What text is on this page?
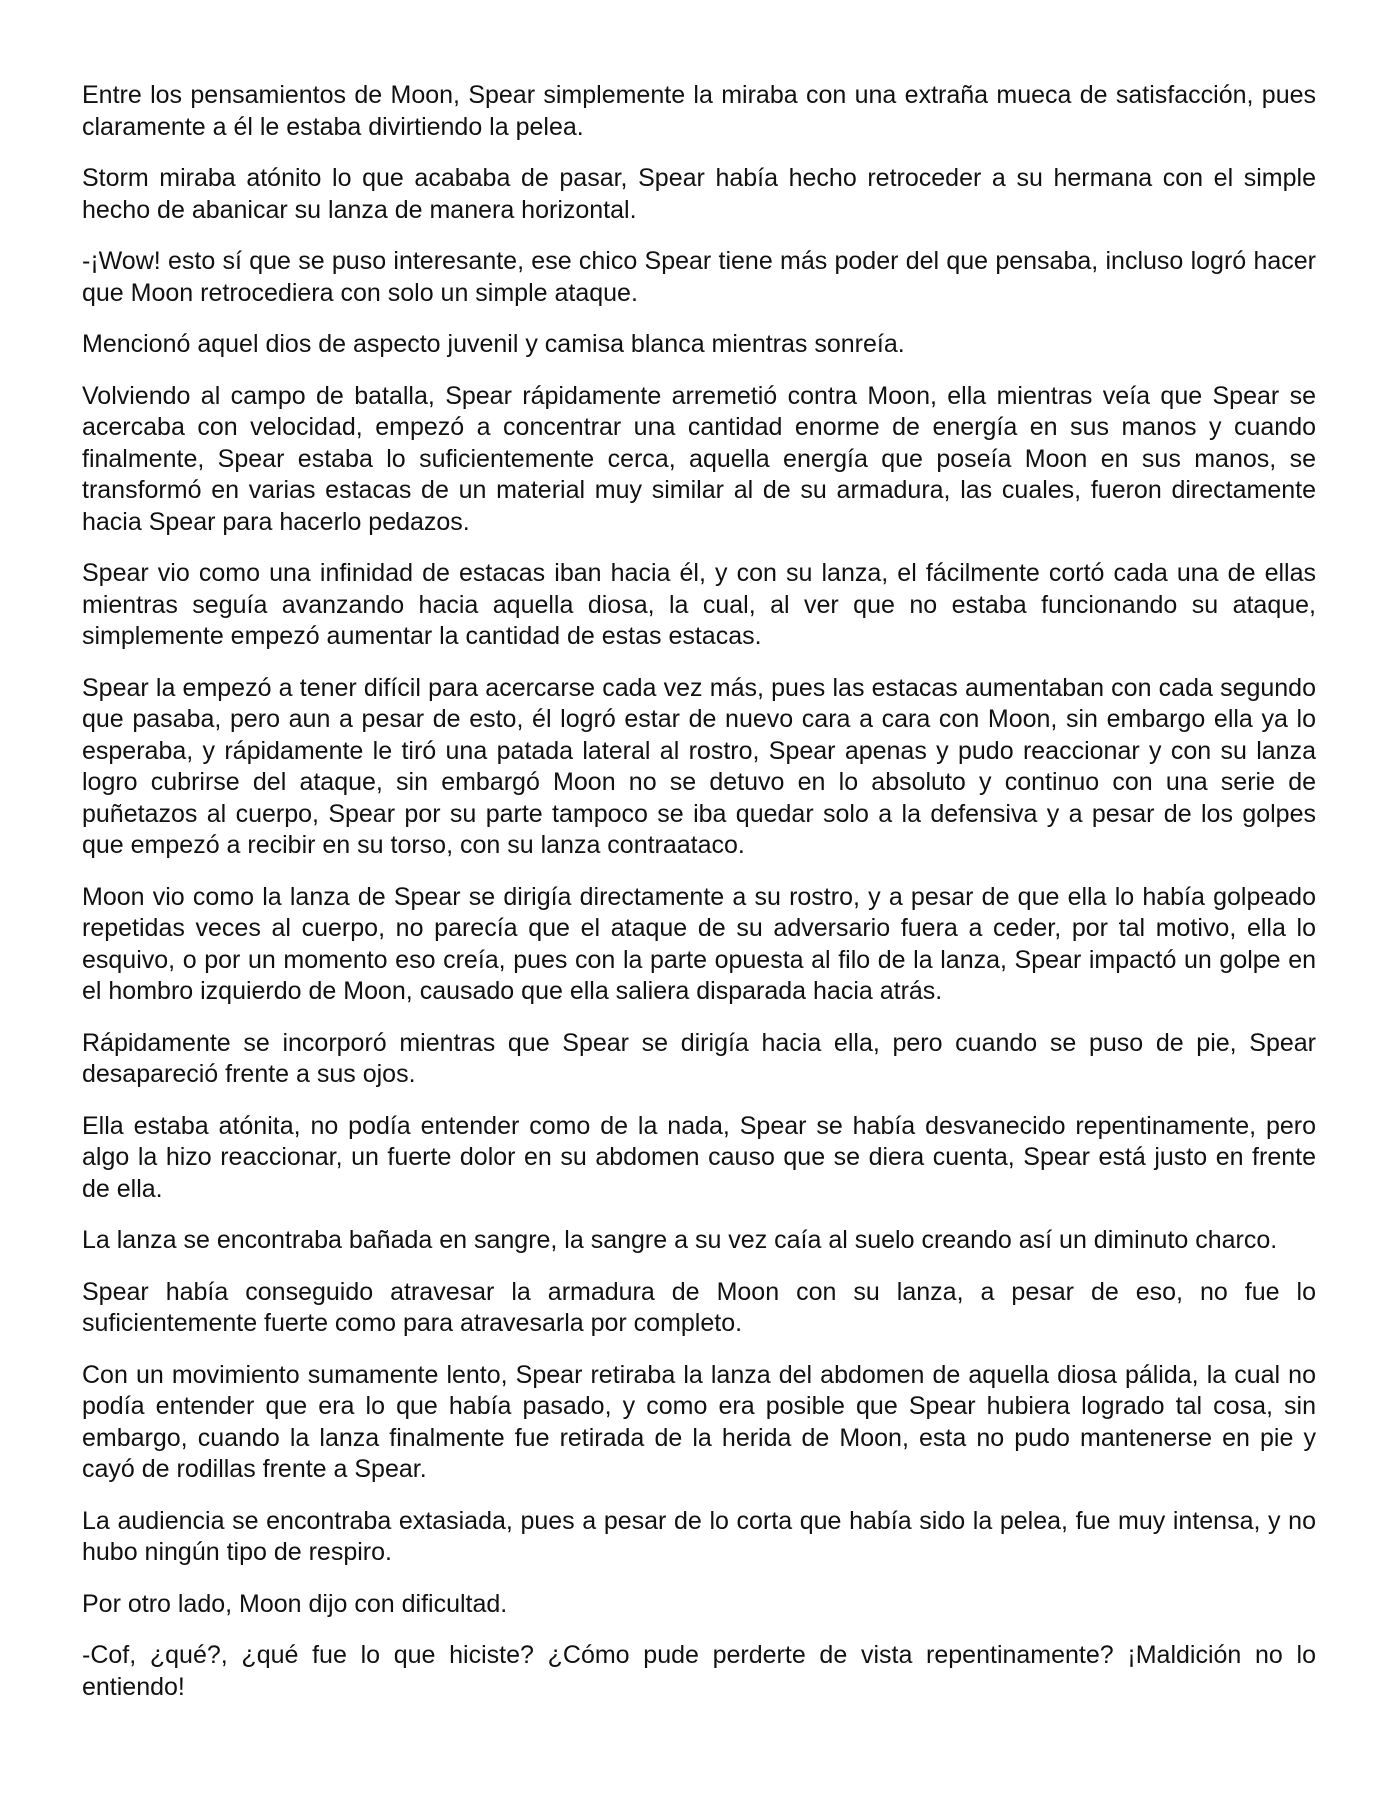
Entre los pensamientos de Moon, Spear simplemente la miraba con una extraña mueca de satisfacción, pues claramente a él le estaba divirtiendo la pelea.

Storm miraba atónito lo que acababa de pasar, Spear había hecho retroceder a su hermana con el simple hecho de abanicar su lanza de manera horizontal.

-¡Wow! esto sí que se puso interesante, ese chico Spear tiene más poder del que pensaba, incluso logró hacer que Moon retrocediera con solo un simple ataque.

Mencionó aquel dios de aspecto juvenil y camisa blanca mientras sonreía.

Volviendo al campo de batalla, Spear rápidamente arremetió contra Moon, ella mientras veía que Spear se acercaba con velocidad, empezó a concentrar una cantidad enorme de energía en sus manos y cuando finalmente, Spear estaba lo suficientemente cerca, aquella energía que poseía Moon en sus manos, se transformó en varias estacas de un material muy similar al de su armadura, las cuales, fueron directamente hacia Spear para hacerlo pedazos.

Spear vio como una infinidad de estacas iban hacia él, y con su lanza, el fácilmente cortó cada una de ellas mientras seguía avanzando hacia aquella diosa, la cual, al ver que no estaba funcionando su ataque, simplemente empezó aumentar la cantidad de estas estacas.

Spear la empezó a tener difícil para acercarse cada vez más, pues las estacas aumentaban con cada segundo que pasaba, pero aun a pesar de esto, él logró estar de nuevo cara a cara con Moon, sin embargo ella ya lo esperaba, y rápidamente le tiró una patada lateral al rostro, Spear apenas y pudo reaccionar y con su lanza logro cubrirse del ataque, sin embargó Moon no se detuvo en lo absoluto y continuo con una serie de puñetazos al cuerpo, Spear por su parte tampoco se iba quedar solo a la defensiva y a pesar de los golpes que empezó a recibir en su torso, con su lanza contraataco.

Moon vio como la lanza de Spear se dirigía directamente a su rostro, y a pesar de que ella lo había golpeado repetidas veces al cuerpo, no parecía que el ataque de su adversario fuera a ceder, por tal motivo, ella lo esquivo, o por un momento eso creía, pues con la parte opuesta al filo de la lanza, Spear impactó un golpe en el hombro izquierdo de Moon, causado que ella saliera disparada hacia atrás.

Rápidamente se incorporó mientras que Spear se dirigía hacia ella, pero cuando se puso de pie, Spear desapareció frente a sus ojos.

Ella estaba atónita, no podía entender como de la nada, Spear se había desvanecido repentinamente, pero algo la hizo reaccionar, un fuerte dolor en su abdomen causo que se diera cuenta, Spear está justo en frente de ella.

La lanza se encontraba bañada en sangre, la sangre a su vez caía al suelo creando así un diminuto charco.

Spear había conseguido atravesar la armadura de Moon con su lanza, a pesar de eso, no fue lo suficientemente fuerte como para atravesarla por completo.

Con un movimiento sumamente lento, Spear retiraba la lanza del abdomen de aquella diosa pálida, la cual no podía entender que era lo que había pasado, y como era posible que Spear hubiera logrado tal cosa, sin embargo, cuando la lanza finalmente fue retirada de la herida de Moon, esta no pudo mantenerse en pie y cayó de rodillas frente a Spear.

La audiencia se encontraba extasiada, pues a pesar de lo corta que había sido la pelea, fue muy intensa, y no hubo ningún tipo de respiro.

Por otro lado, Moon dijo con dificultad.

-Cof, ¿qué?, ¿qué fue lo que hiciste? ¿Cómo pude perderte de vista repentinamente? ¡Maldición no lo entiendo!
